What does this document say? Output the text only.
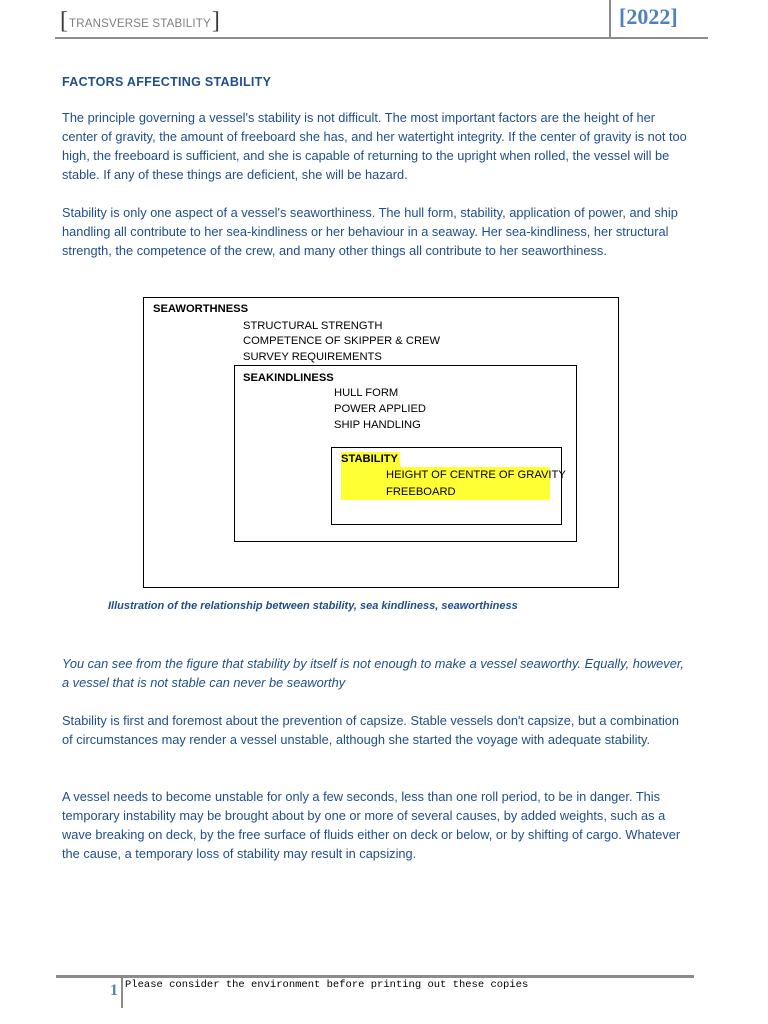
[ TRANSVERSE STABILITY ]	[2022]
FACTORS AFFECTING STABILITY

The principle governing a vessel's stability is not difficult. The most important factors are the height of her center of gravity, the amount of freeboard she has, and her watertight integrity. If the center of gravity is not too high, the freeboard is sufficient, and she is capable of returning to the upright when rolled, the vessel will be stable. If any of these things are deficient, she will be hazard.

Stability is only one aspect of a vessel's seaworthiness. The hull form, stability, application of power, and ship handling all contribute to her sea-kindliness or her behaviour in a seaway. Her sea-kindliness, her structural strength, the competence of the crew, and many other things all contribute to her seaworthiness.

SEAWORTHNESS
STRUCTURAL STRENGTH
COMPETENCE OF SKIPPER & CREW
SURVEY REQUIREMENTS
SEAKINDLINESS
HULL FORM
POWER APPLIED
SHIP HANDLING
STABILITY
HEIGHT OF CENTRE OF GRAVITY
FREEBOARD
Illustration of the relationship between stability, sea kindliness, seaworthiness

You can see from the figure that stability by itself is not enough to make a vessel seaworthy. Equally, however, a vessel that is not stable can never be seaworthy

Stability is first and foremost about the prevention of capsize. Stable vessels don't capsize, but a combination of circumstances may render a vessel unstable, although she started the voyage with adequate stability.

A vessel needs to become unstable for only a few seconds, less than one roll period, to be in danger. This temporary instability may be brought about by one or more of several causes, by added weights, such as a wave breaking on deck, by the free surface of fluids either on deck or below, or by shifting of cargo. Whatever the cause, a temporary loss of stability may result in capsizing.

1 Please consider the environment before printing out these copies
